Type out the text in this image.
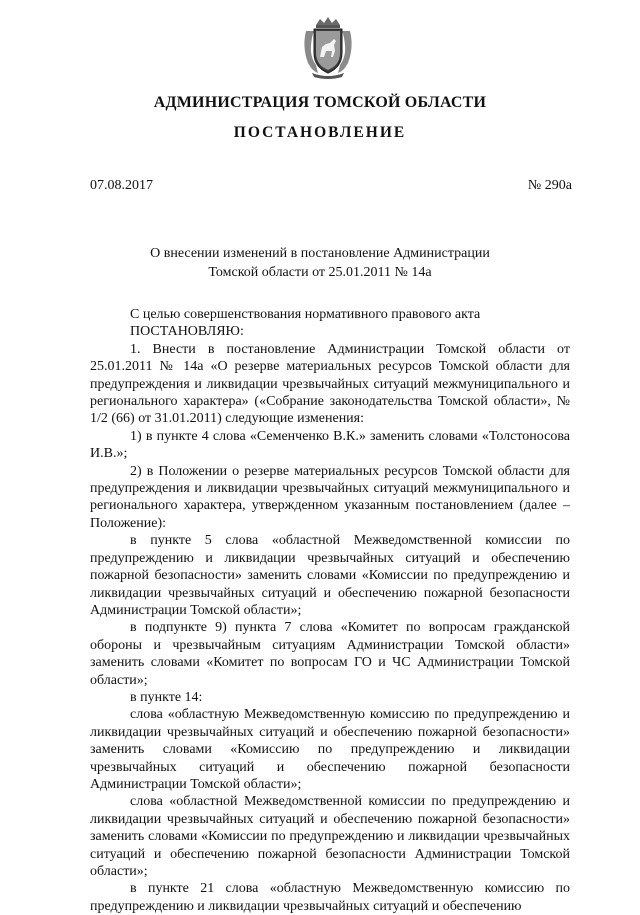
АДМИНИСТРАЦИЯ ТОМСКОЙ ОБЛАСТИ
ПОСТАНОВЛЕНИЕ
07.08.2017	№ 290а
О внесении изменений в постановление Администрации
Томской области от 25.01.2011 № 14а

С целью совершенствования нормативного правового акта

ПОСТАНОВЛЯЮ:

1. Внести в постановление Администрации Томской области от 25.01.2011 № 14а «О резерве материальных ресурсов Томской области для предупреждения и ликвидации чрезвычайных ситуаций межмуниципального и регионального характера» («Собрание законодательства Томской области», № 1/2 (66) от 31.01.2011) следующие изменения:

1) в пункте 4 слова «Семенченко В.К.» заменить словами «Толстоносова И.В.»;

2) в Положении о резерве материальных ресурсов Томской области для предупреждения и ликвидации чрезвычайных ситуаций межмуниципального и регионального характера, утвержденном указанным постановлением (далее – Положение):

в пункте 5 слова «областной Межведомственной комиссии по предупреждению и ликвидации чрезвычайных ситуаций и обеспечению пожарной безопасности» заменить словами «Комиссии по предупреждению и ликвидации чрезвычайных ситуаций и обеспечению пожарной безопасности Администрации Томской области»;

в подпункте 9) пункта 7 слова «Комитет по вопросам гражданской обороны и чрезвычайным ситуациям Администрации Томской области» заменить словами «Комитет по вопросам ГО и ЧС Администрации Томской области»;

в пункте 14:

слова «областную Межведомственную комиссию по предупреждению и ликвидации чрезвычайных ситуаций и обеспечению пожарной безопасности» заменить словами «Комиссию по предупреждению и ликвидации чрезвычайных ситуаций и обеспечению пожарной безопасности Администрации Томской области»;

слова «областной Межведомственной комиссии по предупреждению и ликвидации чрезвычайных ситуаций и обеспечению пожарной безопасности» заменить словами «Комиссии по предупреждению и ликвидации чрезвычайных ситуаций и обеспечению пожарной безопасности Администрации Томской области»;

в пункте 21 слова «областную Межведомственную комиссию по предупреждению и ликвидации чрезвычайных ситуаций и обеспечению
